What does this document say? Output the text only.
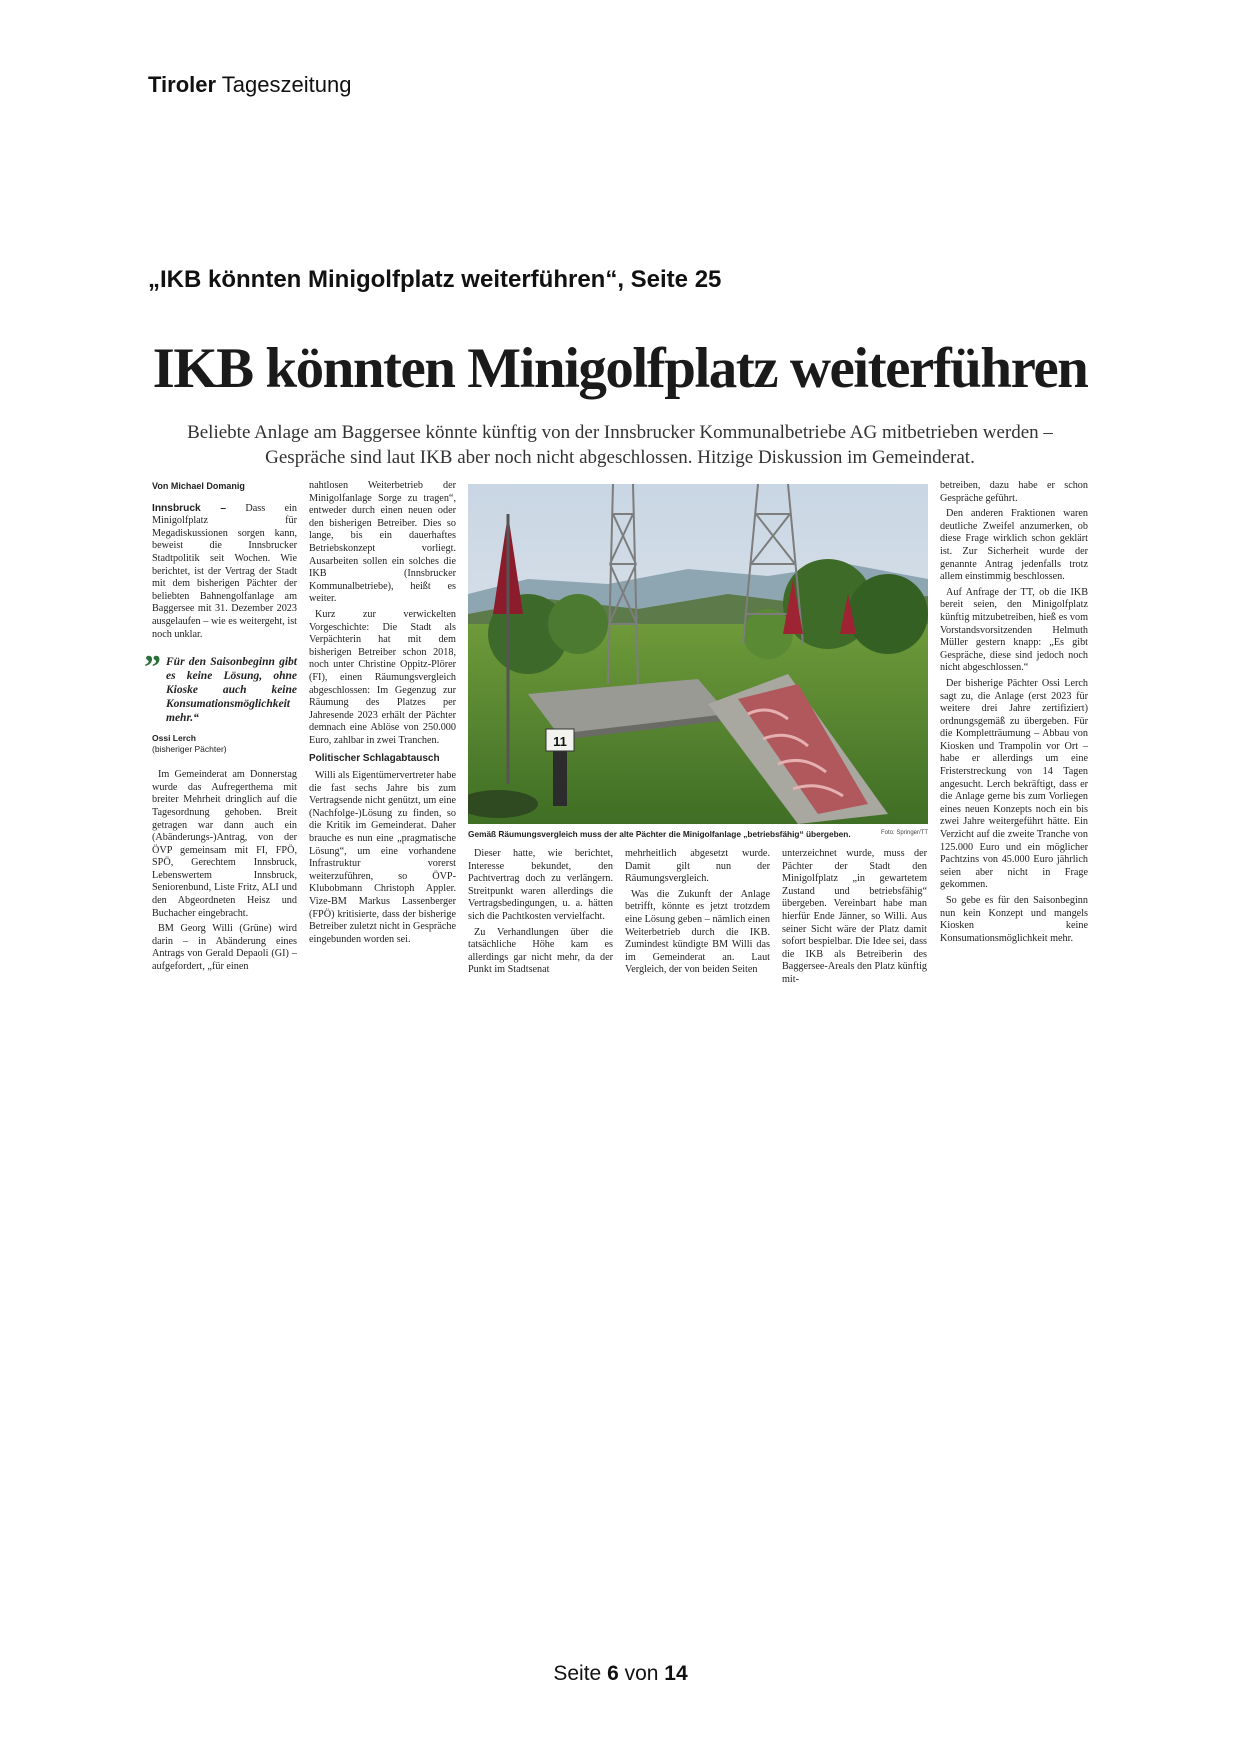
Tiroler Tageszeitung
„IKB könnten Minigolfplatz weiterführen“, Seite 25
IKB könnten Minigolfplatz weiterführen
Beliebte Anlage am Baggersee könnte künftig von der Innsbrucker Kommunalbetriebe AG mitbetrieben werden – Gespräche sind laut IKB aber noch nicht abgeschlossen. Hitzige Diskussion im Gemeinderat.
Von Michael Domanig

Innsbruck – Dass ein Minigolfplatz für Megadiskussionen sorgen kann, beweist die Innsbrucker Stadtpolitik seit Wochen. Wie berichtet, ist der Vertrag der Stadt mit dem bisherigen Pächter der beliebten Bahnengolfanlage am Baggersee mit 31. Dezember 2023 ausgelaufen – wie es weitergeht, ist noch unklar.

” Für den Saisonbeginn gibt es keine Lösung, ohne Kioske auch keine Konsumationsmöglichkeit mehr.“
Ossi Lerch
(bisheriger Pächter)

Im Gemeinderat am Donnerstag wurde das Aufregerthema mit breiter Mehrheit dringlich auf die Tagesordnung gehoben. Breit getragen war dann auch ein (Abänderungs-)Antrag, von der ÖVP gemeinsam mit FI, FPÖ, SPÖ, Gerechtem Innsbruck, Lebenswertem Innsbruck, Seniorenbund, Liste Fritz, ALI und den Abgeordneten Heisz und Buchacher eingebracht.

BM Georg Willi (Grüne) wird darin – in Abänderung eines Antrags von Gerald Depaoli (GI) – aufgefordert, „für einen

nahtlosen Weiterbetrieb der Minigolfanlage Sorge zu tragen“, entweder durch einen neuen oder den bisherigen Betreiber. Dies so lange, bis ein dauerhaftes Betriebskonzept vorliegt. Ausarbeiten sollen ein solches die IKB (Innsbrucker Kommunalbetriebe), heißt es weiter.

Kurz zur verwickelten Vorgeschichte: Die Stadt als Verpächterin hat mit dem bisherigen Betreiber schon 2018, noch unter Christine Oppitz-Plörer (FI), einen Räumungsvergleich abgeschlossen: Im Gegenzug zur Räumung des Platzes per Jahresende 2023 erhält der Pächter demnach eine Ablöse von 250.000 Euro, zahlbar in zwei Tranchen.

Politischer Schlagabtausch

Willi als Eigentümervertreter habe die fast sechs Jahre bis zum Vertragsende nicht genützt, um eine (Nachfolge-)Lösung zu finden, so die Kritik im Gemeinderat. Daher brauche es nun eine „pragmatische Lösung“, um eine vorhandene Infrastruktur vorerst weiterzuführen, so ÖVP-Klubobmann Christoph Appler. Vize-BM Markus Lassenberger (FPÖ) kritisierte, dass der bisherige Betreiber zuletzt nicht in Gespräche eingebunden worden sei.

11
Gemäß Räumungsvergleich muss der alte Pächter die Minigolfanlage „betriebsfähig“ übergeben.	Foto: Springer/TT

Dieser hatte, wie berichtet, Interesse bekundet, den Pachtvertrag doch zu verlängern. Streitpunkt waren allerdings die Vertragsbedingungen, u. a. hätten sich die Pachtkosten vervielfacht.

Zu Verhandlungen über die tatsächliche Höhe kam es allerdings gar nicht mehr, da der Punkt im Stadtsenat

mehrheitlich abgesetzt wurde. Damit gilt nun der Räumungsvergleich.

Was die Zukunft der Anlage betrifft, könnte es jetzt trotzdem eine Lösung geben – nämlich einen Weiterbetrieb durch die IKB. Zumindest kündigte BM Willi das im Gemeinderat an. Laut Vergleich, der von beiden Seiten

unterzeichnet wurde, muss der Pächter der Stadt den Minigolfplatz „in gewartetem Zustand und betriebsfähig“ übergeben. Vereinbart habe man hierfür Ende Jänner, so Willi. Aus seiner Sicht wäre der Platz damit sofort bespielbar. Die Idee sei, dass die IKB als Betreiberin des Baggersee-Areals den Platz künftig mit-

betreiben, dazu habe er schon Gespräche geführt.

Den anderen Fraktionen waren deutliche Zweifel anzumerken, ob diese Frage wirklich schon geklärt ist. Zur Sicherheit wurde der genannte Antrag jedenfalls trotz allem einstimmig beschlossen.

Auf Anfrage der TT, ob die IKB bereit seien, den Minigolfplatz künftig mitzubetreiben, hieß es vom Vorstandsvorsitzenden Helmuth Müller gestern knapp: „Es gibt Gespräche, diese sind jedoch noch nicht abgeschlossen.“

Der bisherige Pächter Ossi Lerch sagt zu, die Anlage (erst 2023 für weitere drei Jahre zertifiziert) ordnungsgemäß zu übergeben. Für die Kompletträumung – Abbau von Kiosken und Trampolin vor Ort – habe er allerdings um eine Fristerstreckung von 14 Tagen angesucht. Lerch bekräftigt, dass er die Anlage gerne bis zum Vorliegen eines neuen Konzepts noch ein bis zwei Jahre weitergeführt hätte. Ein Verzicht auf die zweite Tranche von 125.000 Euro und ein möglicher Pachtzins von 45.000 Euro jährlich seien aber nicht in Frage gekommen.

So gebe es für den Saisonbeginn nun kein Konzept und mangels Kiosken keine Konsumationsmöglichkeit mehr.

Seite 6 von 14
